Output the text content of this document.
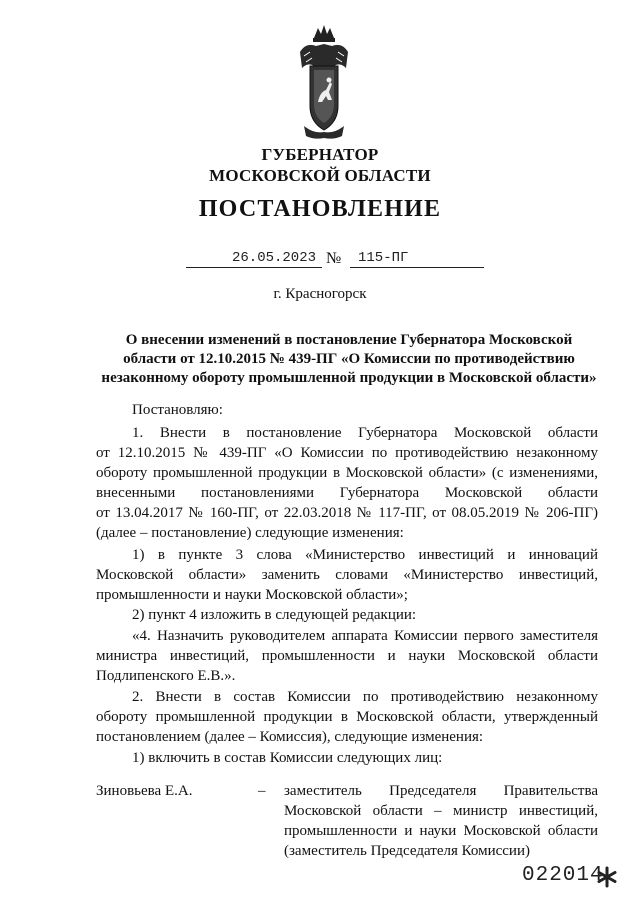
ГУБЕРНАТОР
МОСКОВСКОЙ ОБЛАСТИ
ПОСТАНОВЛЕНИЕ
26.05.2023 №	115-ПГ
г. Красногорск
О внесении изменений в постановление Губернатора Московской
области от 12.10.2015 № 439-ПГ «О Комиссии по противодействию
незаконному обороту промышленной продукции в Московской области»
Постановляю:
1. Внести в постановление Губернатора Московской области
от 12.10.2015 № 439-ПГ «О Комиссии по противодействию незаконному
обороту промышленной продукции в Московской области» (с изменениями,
внесенными постановлениями Губернатора Московской области
от 13.04.2017 № 160-ПГ, от 22.03.2018 № 117-ПГ, от 08.05.2019 № 206-ПГ)
(далее – постановление) следующие изменения:
1) в пункте 3 слова «Министерство инвестиций и инноваций
Московской области» заменить словами «Министерство инвестиций,
промышленности и науки Московской области»;
2) пункт 4 изложить в следующей редакции:
«4. Назначить руководителем аппарата Комиссии первого заместителя
министра инвестиций, промышленности и науки Московской области
Подлипенского Е.В.».
2. Внести в состав Комиссии по противодействию незаконному
обороту промышленной продукции в Московской области, утвержденный
постановлением (далее – Комиссия), следующие изменения:
1) включить в состав Комиссии следующих лиц:
Зиновьева Е.А.	– заместитель Председателя Правительства
Московской области – министр инвестиций,
промышленности и науки Московской области
(заместитель Председателя Комиссии)
022014
